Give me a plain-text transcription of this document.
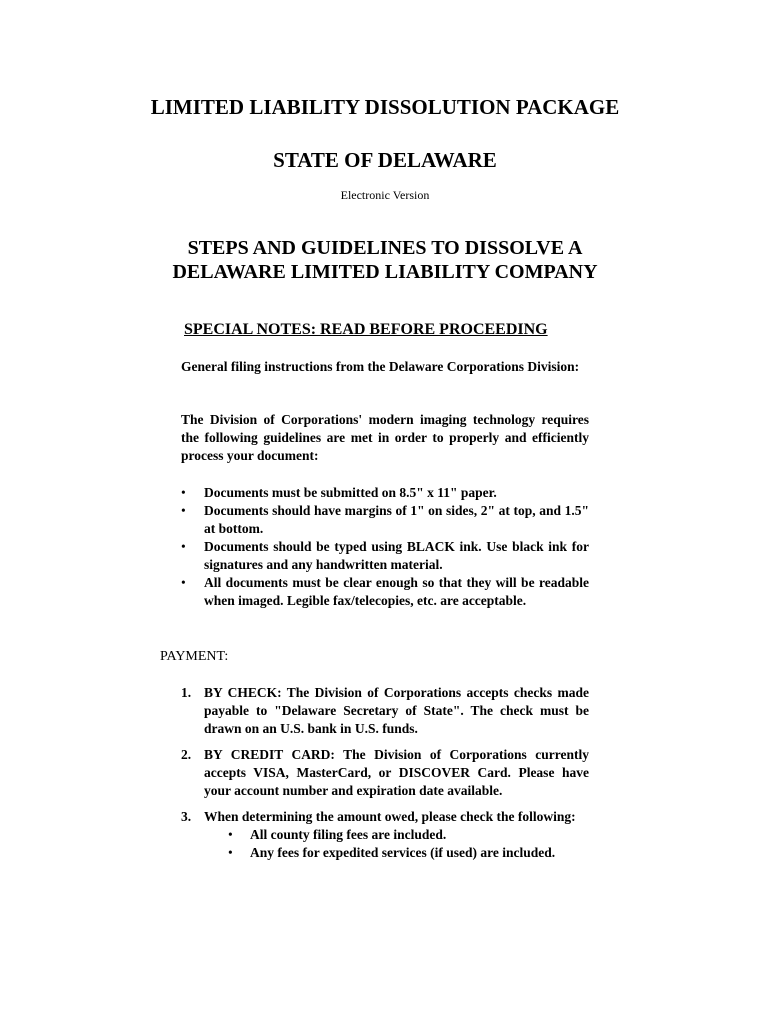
LIMITED LIABILITY DISSOLUTION PACKAGE
STATE OF DELAWARE

Electronic Version

STEPS AND GUIDELINES TO DISSOLVE A
DELAWARE LIMITED LIABILITY COMPANY

SPECIAL NOTES: READ BEFORE PROCEEDING

General filing instructions from the Delaware Corporations Division:

The Division of Corporations' modern imaging technology requires the following guidelines are met in order to properly and efficiently process your document:

• Documents must be submitted on 8.5" x 11" paper.
• Documents should have margins of 1" on sides, 2" at top, and 1.5" at bottom.
• Documents should be typed using BLACK ink. Use black ink for signatures and any handwritten material.
• All documents must be clear enough so that they will be readable when imaged. Legible fax/telecopies, etc. are acceptable.

PAYMENT:

1. BY CHECK: The Division of Corporations accepts checks made payable to "Delaware Secretary of State". The check must be drawn on an U.S. bank in U.S. funds.
2. BY CREDIT CARD: The Division of Corporations currently accepts VISA, MasterCard, or DISCOVER Card. Please have your account number and expiration date available.
3. When determining the amount owed, please check the following:
• All county filing fees are included.
• Any fees for expedited services (if used) are included.
